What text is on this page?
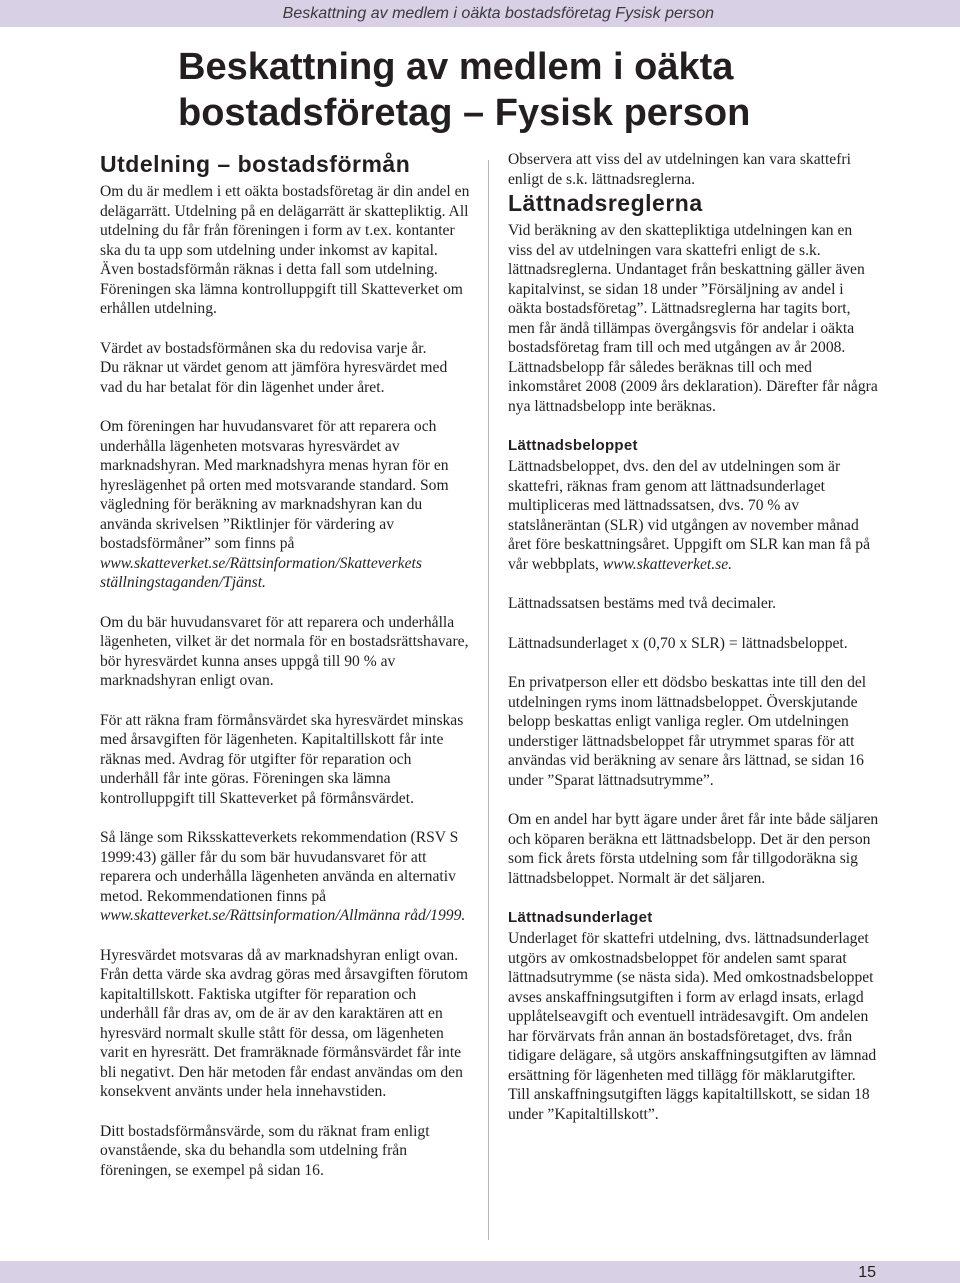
Beskattning av medlem i oäkta bostadsföretag Fysisk person
Beskattning av medlem i oäkta
bostadsföretag – Fysisk person
Utdelning – bostadsförmån

Om du är medlem i ett oäkta bostadsföretag är din andel en delägarrätt. Utdelning på en delägarrätt är skattepliktig. All utdelning du får från föreningen i form av t.ex. kontanter ska du ta upp som utdelning under inkomst av kapital. Även bostadsförmån räknas i detta fall som utdelning. Föreningen ska lämna kontrolluppgift till Skatteverket om erhållen utdelning.

Värdet av bostadsförmånen ska du redovisa varje år.

Du räknar ut värdet genom att jämföra hyresvärdet med vad du har betalat för din lägenhet under året.

Om föreningen har huvudansvaret för att reparera och underhålla lägenheten motsvaras hyresvärdet av marknadshyran. Med marknadshyra menas hyran för en hyreslägenhet på orten med motsvarande standard. Som vägledning för beräkning av marknadshyran kan du använda skrivelsen ”Riktlinjer för värdering av bostadsförmåner” som finns på

www.skatteverket.se/Rättsinformation/Skatteverkets ställningstaganden/Tjänst.

Om du bär huvudansvaret för att reparera och underhålla lägenheten, vilket är det normala för en bostadsrättshavare, bör hyresvärdet kunna anses uppgå till 90 % av marknadshyran enligt ovan.

För att räkna fram förmånsvärdet ska hyresvärdet minskas med årsavgiften för lägenheten. Kapitaltillskott får inte räknas med. Avdrag för utgifter för reparation och underhåll får inte göras. Föreningen ska lämna kontrolluppgift till Skatteverket på förmånsvärdet.

Så länge som Riksskatteverkets rekommendation (RSV S 1999:43) gäller får du som bär huvudansvaret för att reparera och underhålla lägenheten använda en alternativ metod. Rekommendationen finns på

www.skatteverket.se/Rättsinformation/Allmänna råd/1999.

Hyresvärdet motsvaras då av marknadshyran enligt ovan. Från detta värde ska avdrag göras med årsavgiften förutom kapitaltillskott. Faktiska utgifter för reparation och underhåll får dras av, om de är av den karaktären att en hyresvärd normalt skulle stått för dessa, om lägenheten varit en hyresrätt. Det framräknade förmånsvärdet får inte bli negativt. Den här metoden får endast användas om den konsekvent använts under hela innehavstiden.

Ditt bostadsförmånsvärde, som du räknat fram enligt ovanstående, ska du behandla som utdelning från föreningen, se exempel på sidan 16.

Observera att viss del av utdelningen kan vara skattefri enligt de s.k. lättnadsreglerna.

Lättnadsreglerna

Vid beräkning av den skattepliktiga utdelningen kan en viss del av utdelningen vara skattefri enligt de s.k. lättnadsreglerna. Undantaget från beskattning gäller även kapitalvinst, se sidan 18 under ”Försäljning av andel i oäkta bostadsföretag”. Lättnadsreglerna har tagits bort, men får ändå tillämpas övergångsvis för andelar i oäkta bostadsföretag fram till och med utgången av år 2008. Lättnadsbelopp får således beräknas till och med inkomståret 2008 (2009 års deklaration). Därefter får några nya lättnadsbelopp inte beräknas.

Lättnadsbeloppet

Lättnadsbeloppet, dvs. den del av utdelningen som är skattefri, räknas fram genom att lättnadsunderlaget multipliceras med lättnadssatsen, dvs. 70 % av statslåneräntan (SLR) vid utgången av november månad året före beskattningsåret. Uppgift om SLR kan man få på vår webbplats, www.skatteverket.se.

Lättnadssatsen bestäms med två decimaler.

Lättnadsunderlaget x (0,70 x SLR) = lättnadsbeloppet.

En privatperson eller ett dödsbo beskattas inte till den del utdelningen ryms inom lättnadsbeloppet. Överskjutande belopp beskattas enligt vanliga regler. Om utdelningen understiger lättnadsbeloppet får utrymmet sparas för att användas vid beräkning av senare års lättnad, se sidan 16 under ”Sparat lättnadsutrymme”.

Om en andel har bytt ägare under året får inte både säljaren och köparen beräkna ett lättnadsbelopp. Det är den person som fick årets första utdelning som får tillgodoräkna sig lättnadsbeloppet. Normalt är det säljaren.

Lättnadsunderlaget

Underlaget för skattefri utdelning, dvs. lättnadsunderlaget utgörs av omkostnadsbeloppet för andelen samt sparat lättnadsutrymme (se nästa sida). Med omkostnadsbeloppet avses anskaffningsutgiften i form av erlagd insats, erlagd upplåtelseavgift och eventuell inträdesavgift. Om andelen har förvärvats från annan än bostadsföretaget, dvs. från tidigare delägare, så utgörs anskaffningsutgiften av lämnad ersättning för lägenheten med tillägg för mäklarutgifter. Till anskaffningsutgiften läggs kapitaltillskott, se sidan 18 under ”Kapitaltillskott”.

15
